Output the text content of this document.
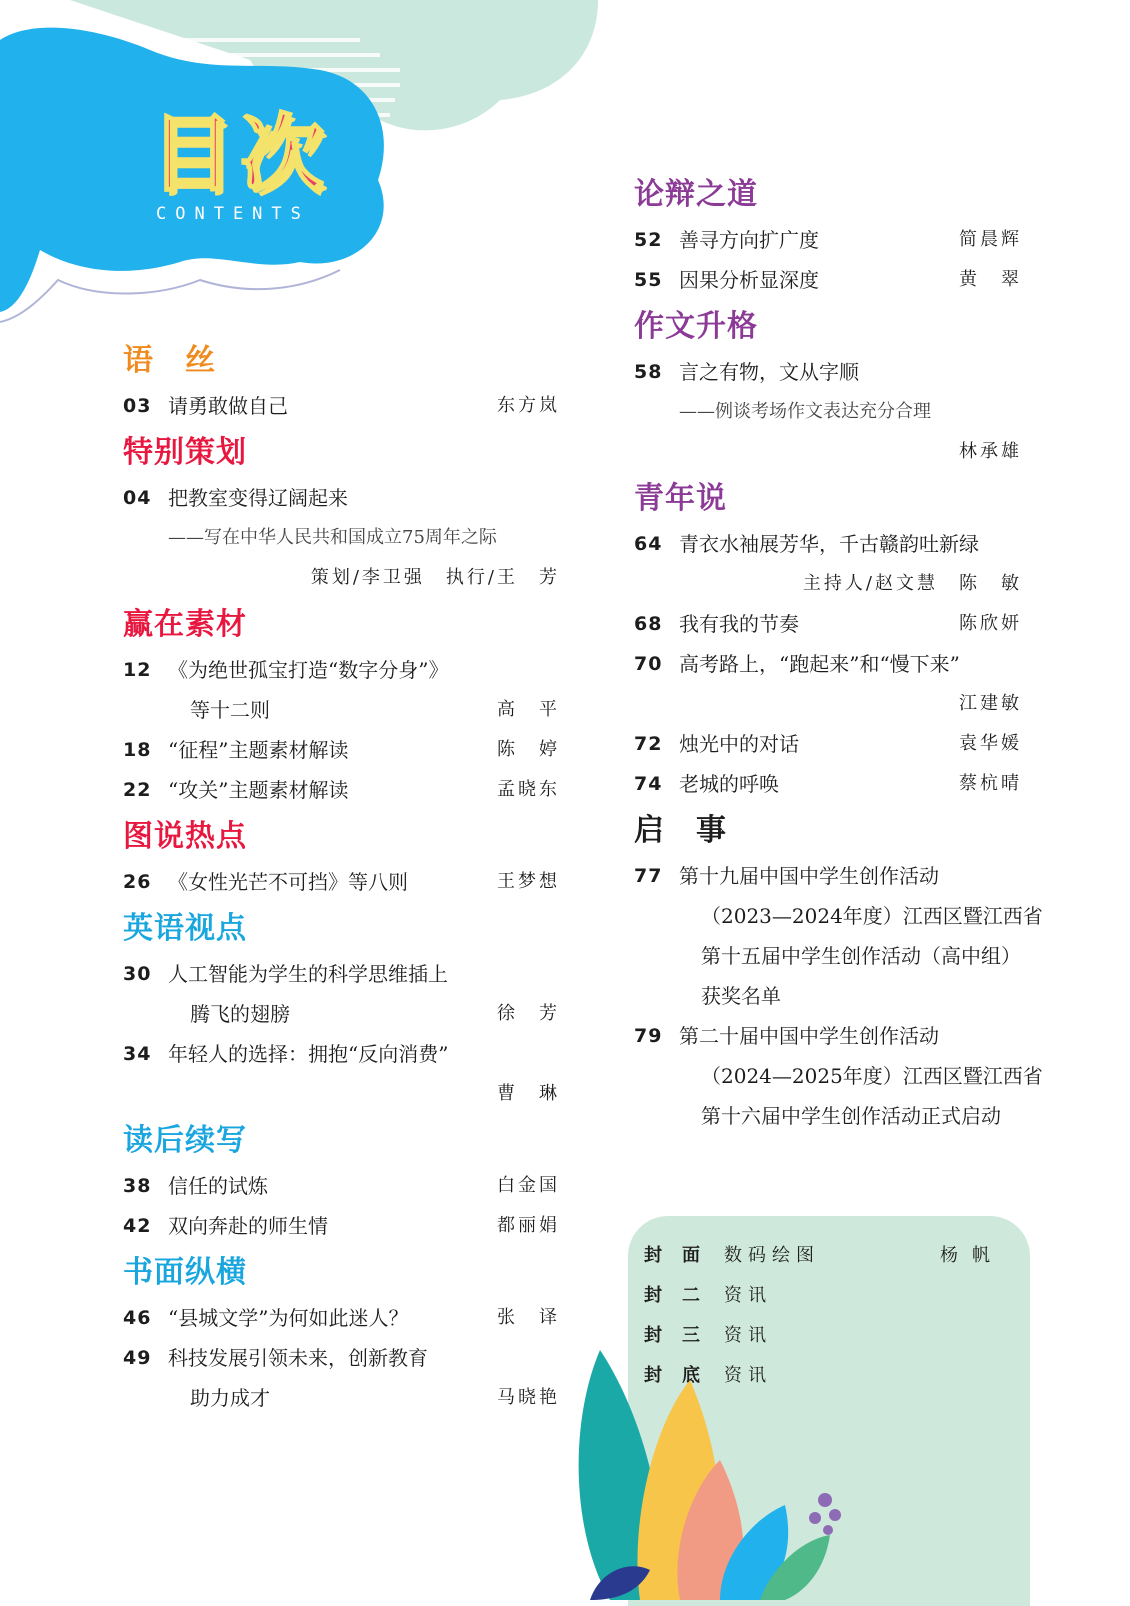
目次
CONTENTS
语　丝
03 请勇敢做自己	东方岚
特别策划
04 把教室变得辽阔起来
——写在中华人民共和国成立75周年之际
策划/李卫强　执行/王　芳
赢在素材
12 《为绝世孤宝打造“数字分身”》
等十二则	高　平
18 “征程”主题素材解读	陈　婷
22 “攻关”主题素材解读	孟晓东
图说热点
26 《女性光芒不可挡》等八则	王梦想
英语视点
30 人工智能为学生的科学思维插上
腾飞的翅膀	徐　芳
34 年轻人的选择：拥抱“反向消费”
曹　琳
读后续写
38 信任的试炼	白金国
42 双向奔赴的师生情	都丽娟
书面纵横
46 “县城文学”为何如此迷人？	张　译
49 科技发展引领未来，创新教育
助力成才	马晓艳
论辩之道
52 善寻方向扩广度	简晨辉
55 因果分析显深度	黄　翠
作文升格
58 言之有物，文从字顺
——例谈考场作文表达充分合理
林承雄
青年说
64 青衣水袖展芳华，千古赣韵吐新绿
主持人/赵文慧　陈　敏
68 我有我的节奏	陈欣妍
70 高考路上，“跑起来”和“慢下来”
江建敏
72 烛光中的对话	袁华媛
74 老城的呼唤	蔡杭晴
启　事
77 第十九届中国中学生创作活动
（2023—2024年度）江西区暨江西省
第十五届中学生创作活动（高中组）
获奖名单
79 第二十届中国中学生创作活动
（2024—2025年度）江西区暨江西省
第十六届中学生创作活动正式启动
封面 数码绘图	杨帆
封二 资讯
封三 资讯
封底 资讯
